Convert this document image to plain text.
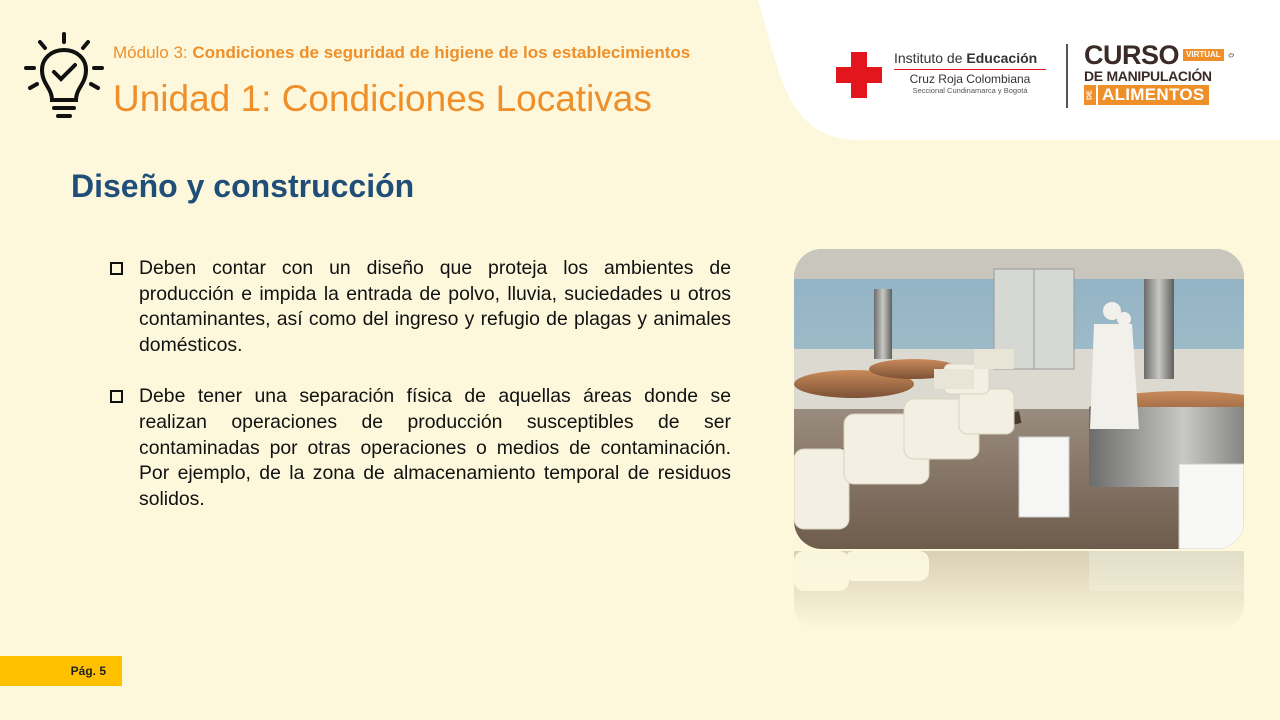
Módulo 3: Condiciones de seguridad de higiene de los establecimientos
Unidad 1: Condiciones Locativas
Instituto de Educación
Cruz Roja Colombiana
Seccional Cundinamarca y Bogotá
CURSO VIRTUAL
DE MANIPULACIÓN
DE ALIMENTOS
Diseño y construcción
Deben contar con un diseño que proteja los ambientes de producción e impida la entrada de polvo, lluvia, suciedades u otros contaminantes, así como del ingreso y refugio de plagas y animales domésticos.
Debe tener una separación física de aquellas áreas donde se realizan operaciones de producción susceptibles de ser contaminadas por otras operaciones o medios de contaminación. Por ejemplo, de la zona de almacenamiento temporal de residuos solidos.
Pág. 5
